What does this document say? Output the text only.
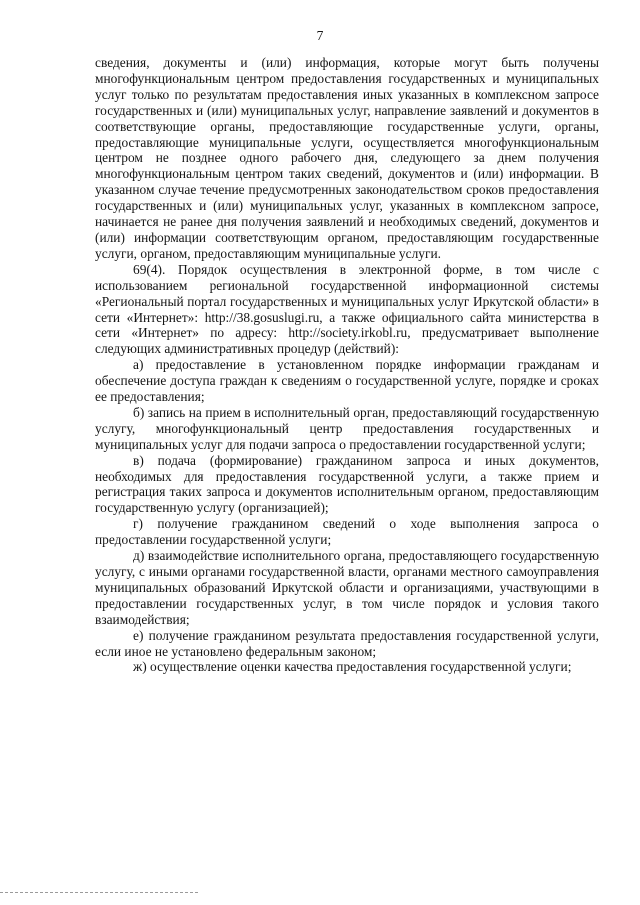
7

сведения, документы и (или) информация, которые могут быть получены многофункциональным центром предоставления государственных и муниципальных услуг только по результатам предоставления иных указанных в комплексном запросе государственных и (или) муниципальных услуг, направление заявлений и документов в соответствующие органы, предоставляющие государственные услуги, органы, предоставляющие муниципальные услуги, осуществляется многофункциональным центром не позднее одного рабочего дня, следующего за днем получения многофункциональным центром таких сведений, документов и (или) информации. В указанном случае течение предусмотренных законодательством сроков предоставления государственных и (или) муниципальных услуг, указанных в комплексном запросе, начинается не ранее дня получения заявлений и необходимых сведений, документов и (или) информации соответствующим органом, предоставляющим государственные услуги, органом, предоставляющим муниципальные услуги.

69(4). Порядок осуществления в электронной форме, в том числе с использованием региональной государственной информационной системы «Региональный портал государственных и муниципальных услуг Иркутской области» в сети «Интернет»: http://38.gosuslugi.ru, а также официального сайта министерства в сети «Интернет» по адресу: http://society.irkobl.ru, предусматривает выполнение следующих административных процедур (действий):

а) предоставление в установленном порядке информации гражданам и обеспечение доступа граждан к сведениям о государственной услуге, порядке и сроках ее предоставления;

б) запись на прием в исполнительный орган, предоставляющий государственную услугу, многофункциональный центр предоставления государственных и муниципальных услуг для подачи запроса о предоставлении государственной услуги;

в) подача (формирование) гражданином запроса и иных документов, необходимых для предоставления государственной услуги, а также прием и регистрация таких запроса и документов исполнительным органом, предоставляющим государственную услугу (организацией);

г) получение гражданином сведений о ходе выполнения запроса о предоставлении государственной услуги;

д) взаимодействие исполнительного органа, предоставляющего государственную услугу, с иными органами государственной власти, органами местного самоуправления муниципальных образований Иркутской области и организациями, участвующими в предоставлении государственных услуг, в том числе порядок и условия такого взаимодействия;

е) получение гражданином результата предоставления государственной услуги, если иное не установлено федеральным законом;

ж) осуществление оценки качества предоставления государственной услуги;
